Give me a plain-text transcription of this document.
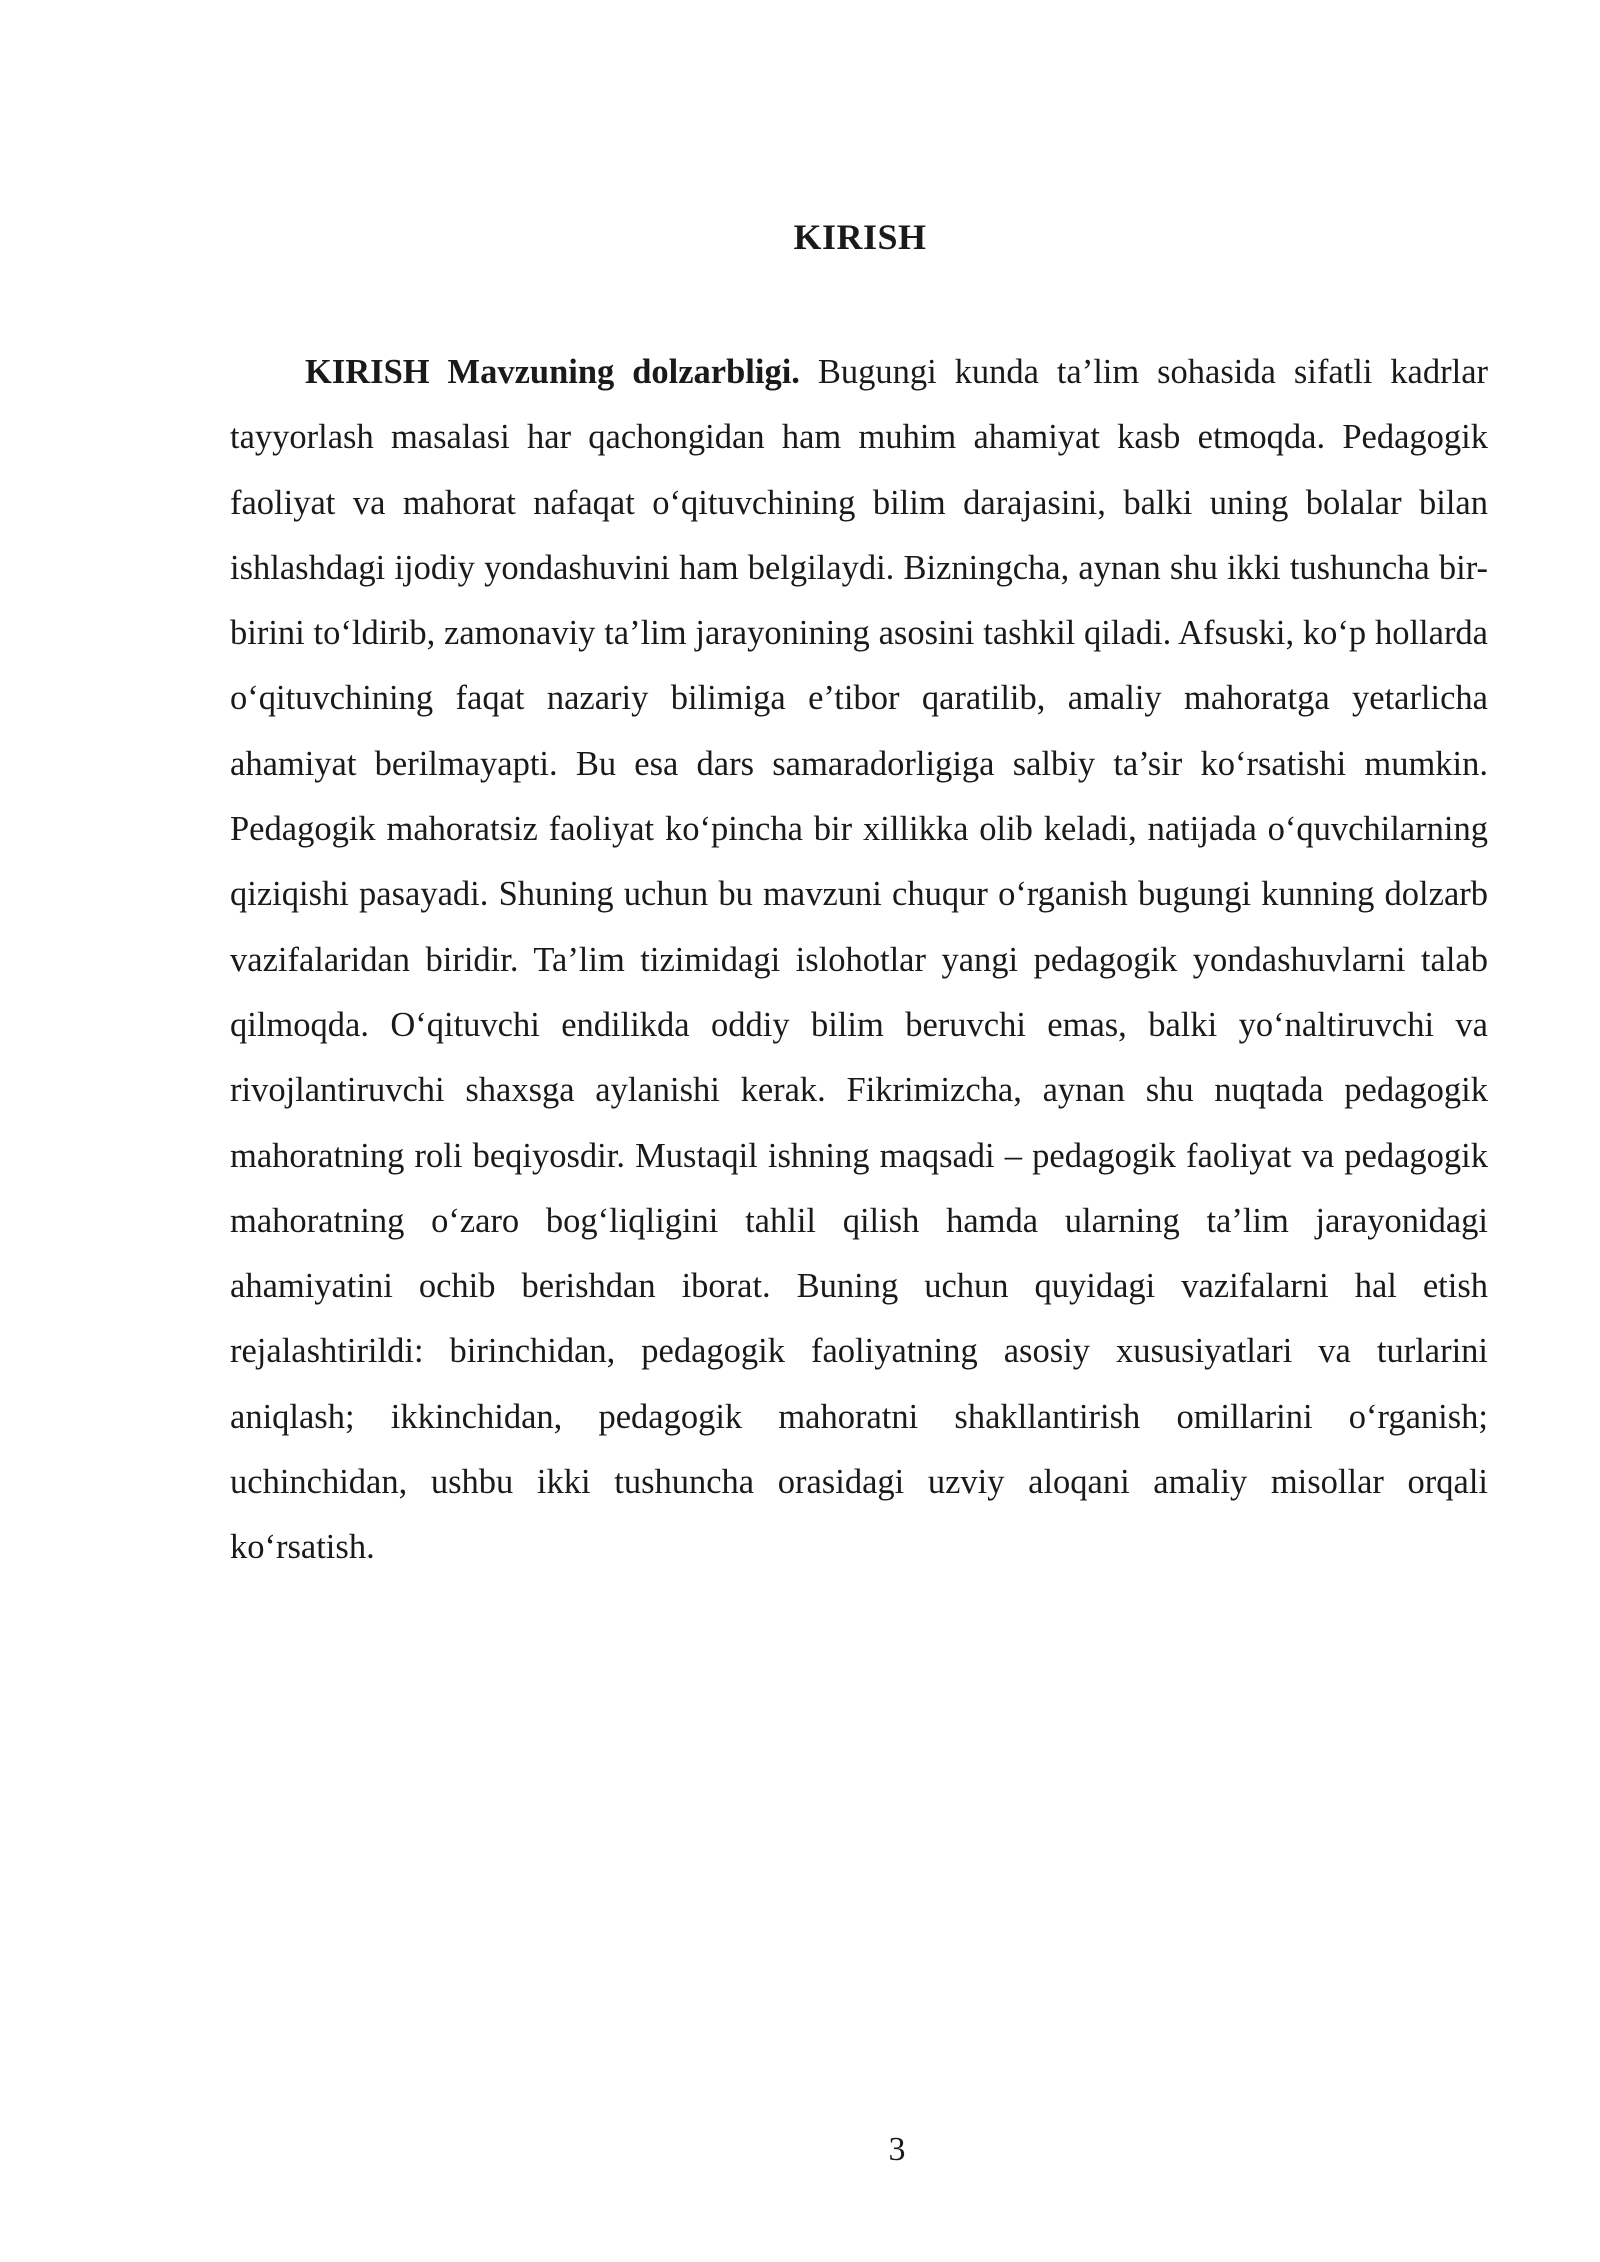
KIRISH

KIRISH Mavzuning dolzarbligi. Bugungi kunda ta’lim sohasida sifatli kadrlar tayyorlash masalasi har qachongidan ham muhim ahamiyat kasb etmoqda. Pedagogik faoliyat va mahorat nafaqat o‘qituvchining bilim darajasini, balki uning bolalar bilan ishlashdagi ijodiy yondashuvini ham belgilaydi. Bizningcha, aynan shu ikki tushuncha bir-birini to‘ldirib, zamonaviy ta’lim jarayonining asosini tashkil qiladi. Afsuski, ko‘p hollarda o‘qituvchining faqat nazariy bilimiga e’tibor qaratilib, amaliy mahoratga yetarlicha ahamiyat berilmayapti. Bu esa dars samaradorligiga salbiy ta’sir ko‘rsatishi mumkin. Pedagogik mahoratsiz faoliyat ko‘pincha bir xillikka olib keladi, natijada o‘quvchilarning qiziqishi pasayadi. Shuning uchun bu mavzuni chuqur o‘rganish bugungi kunning dolzarb vazifalaridan biridir. Ta’lim tizimidagi islohotlar yangi pedagogik yondashuvlarni talab qilmoqda. O‘qituvchi endilikda oddiy bilim beruvchi emas, balki yo‘naltiruvchi va rivojlantiruvchi shaxsga aylanishi kerak. Fikrimizcha, aynan shu nuqtada pedagogik mahoratning roli beqiyosdir. Mustaqil ishning maqsadi – pedagogik faoliyat va pedagogik mahoratning o‘zaro bog‘liqligini tahlil qilish hamda ularning ta’lim jarayonidagi ahamiyatini ochib berishdan iborat. Buning uchun quyidagi vazifalarni hal etish rejalashtirildi: birinchidan, pedagogik faoliyatning asosiy xususiyatlari va turlarini aniqlash; ikkinchidan, pedagogik mahoratni shakllantirish omillarini o‘rganish; uchinchidan, ushbu ikki tushuncha orasidagi uzviy aloqani amaliy misollar orqali ko‘rsatish.

3
